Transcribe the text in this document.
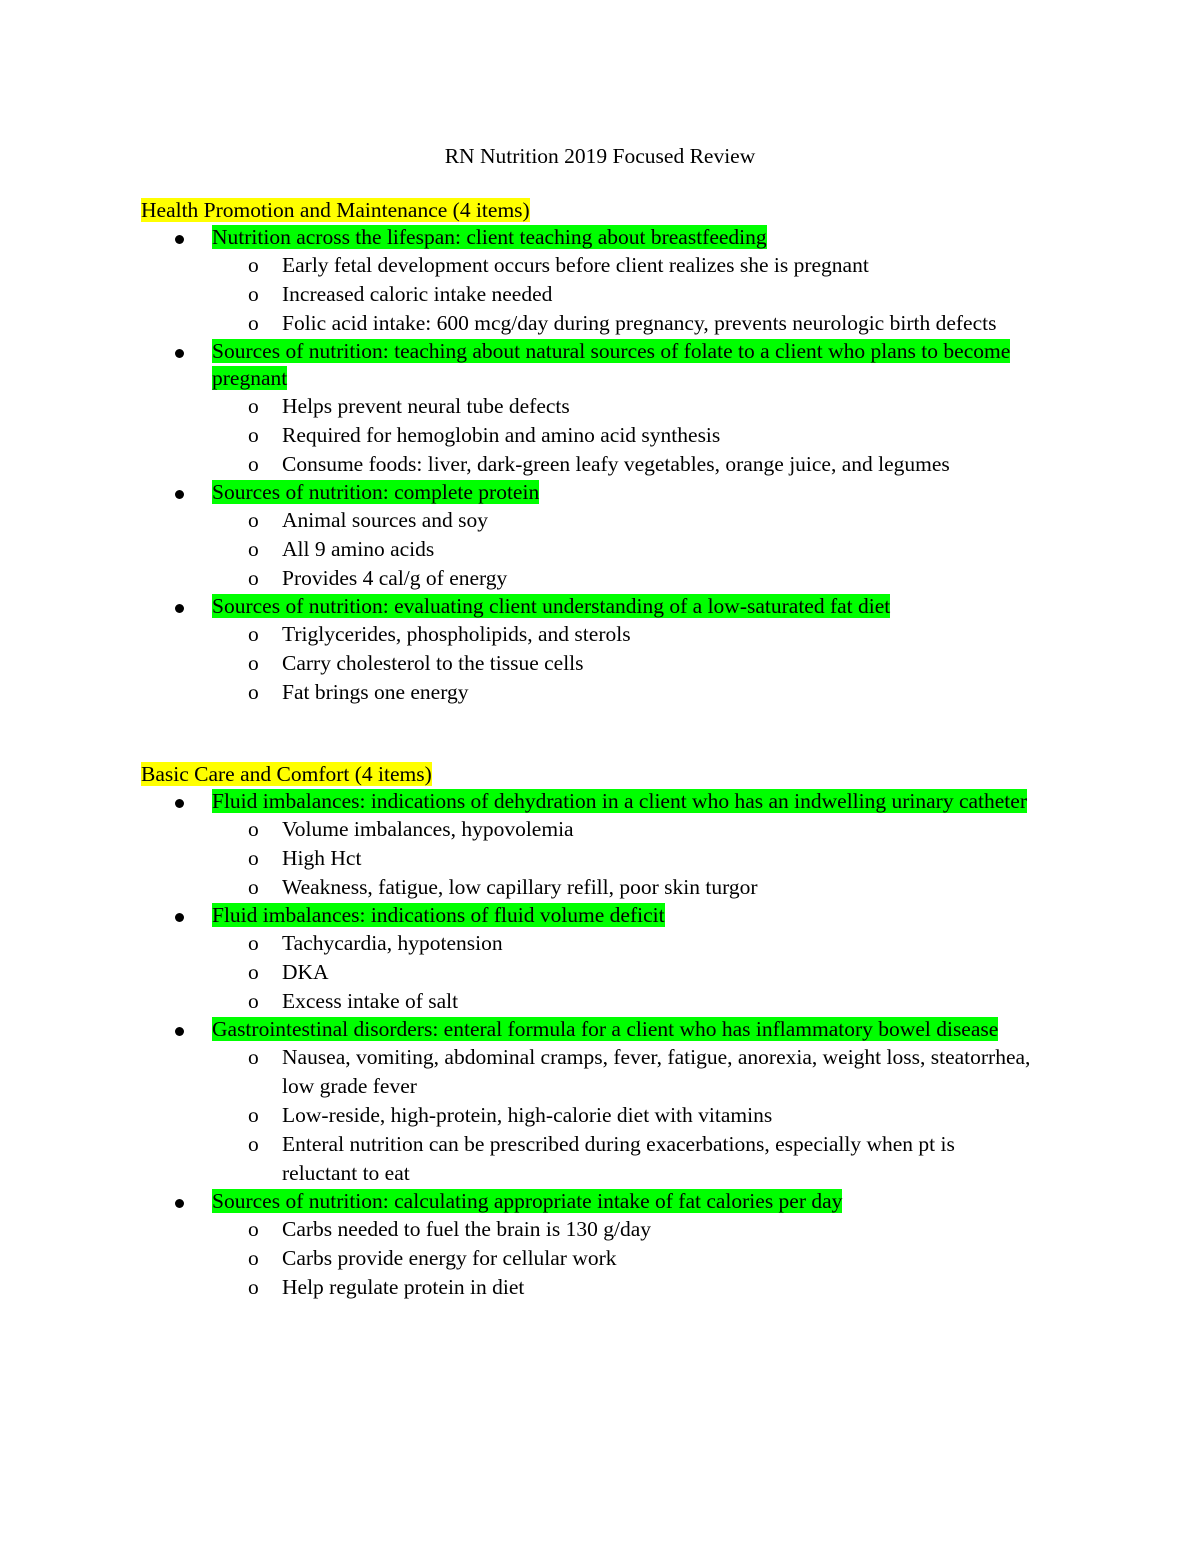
RN Nutrition 2019 Focused Review
Health Promotion and Maintenance (4 items)
Nutrition across the lifespan: client teaching about breastfeeding
o Early fetal development occurs before client realizes she is pregnant
o Increased caloric intake needed
o Folic acid intake: 600 mcg/day during pregnancy, prevents neurologic birth defects
Sources of nutrition: teaching about natural sources of folate to a client who plans to become pregnant
o Helps prevent neural tube defects
o Required for hemoglobin and amino acid synthesis
o Consume foods: liver, dark-green leafy vegetables, orange juice, and legumes
Sources of nutrition: complete protein
o Animal sources and soy
o All 9 amino acids
o Provides 4 cal/g of energy
Sources of nutrition: evaluating client understanding of a low-saturated fat diet
o Triglycerides, phospholipids, and sterols
o Carry cholesterol to the tissue cells
o Fat brings one energy
Basic Care and Comfort (4 items)
Fluid imbalances: indications of dehydration in a client who has an indwelling urinary catheter
o Volume imbalances, hypovolemia
o High Hct
o Weakness, fatigue, low capillary refill, poor skin turgor
Fluid imbalances: indications of fluid volume deficit
o Tachycardia, hypotension
o DKA
o Excess intake of salt
Gastrointestinal disorders: enteral formula for a client who has inflammatory bowel disease
o Nausea, vomiting, abdominal cramps, fever, fatigue, anorexia, weight loss, steatorrhea, low grade fever
o Low-reside, high-protein, high-calorie diet with vitamins
o Enteral nutrition can be prescribed during exacerbations, especially when pt is reluctant to eat
Sources of nutrition: calculating appropriate intake of fat calories per day
o Carbs needed to fuel the brain is 130 g/day
o Carbs provide energy for cellular work
o Help regulate protein in diet
